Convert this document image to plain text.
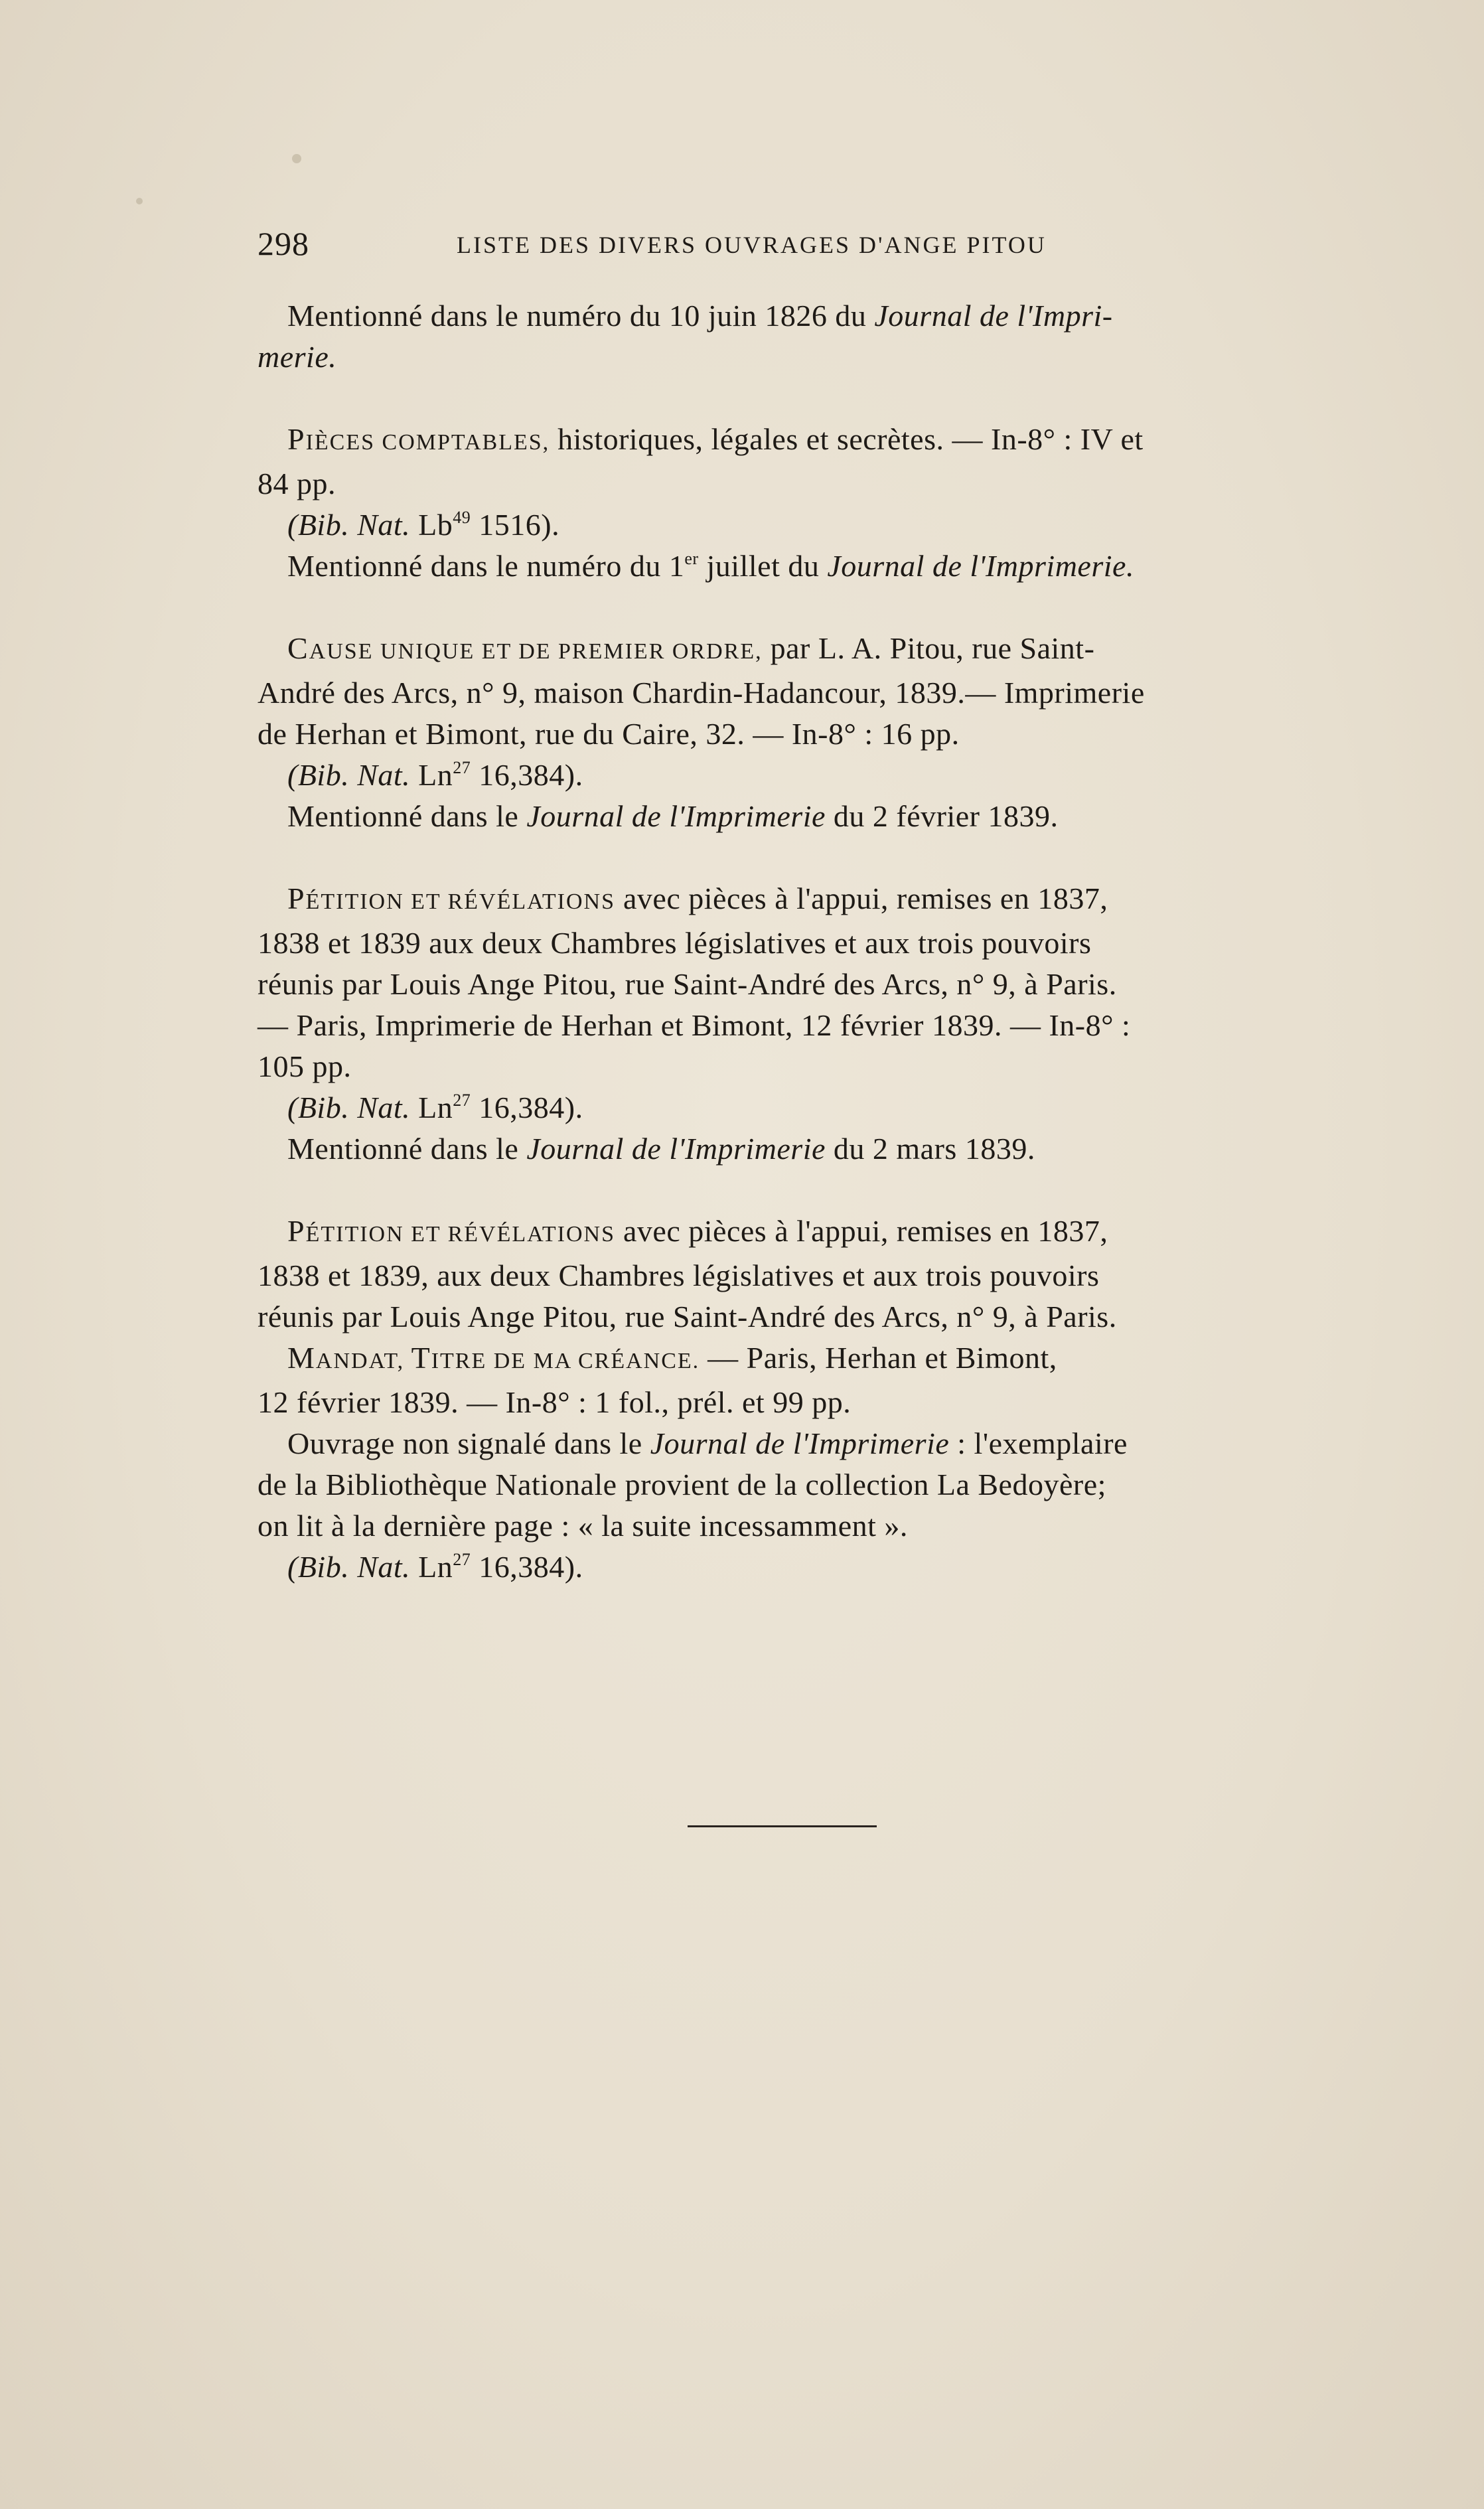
298	LISTE DES DIVERS OUVRAGES D'ANGE PITOU
Mentionné dans le numéro du 10 juin 1826 du Journal de l'Impri-
merie.
PIÈCES COMPTABLES, historiques, légales et secrètes. — In-8° : IV et
84 pp.
(Bib. Nat. Lb$^{49}$ 1516).
Mentionné dans le numéro du 1er juillet du Journal de l'Imprimerie.
CAUSE UNIQUE ET DE PREMIER ORDRE, par L. A. Pitou, rue Saint-
André des Arcs, n° 9, maison Chardin-Hadancour, 1839.— Imprimerie
de Herhan et Bimont, rue du Caire, 32. — In-8° : 16 pp.
(Bib. Nat. Ln$^{27}$ 16,384).
Mentionné dans le Journal de l'Imprimerie du 2 février 1839.
PÉTITION ET RÉVÉLATIONS avec pièces à l'appui, remises en 1837,
1838 et 1839 aux deux Chambres législatives et aux trois pouvoirs
réunis par Louis Ange Pitou, rue Saint-André des Arcs, n° 9, à Paris.
— Paris, Imprimerie de Herhan et Bimont, 12 février 1839. — In-8° :
105 pp.
(Bib. Nat. Ln$^{27}$ 16,384).
Mentionné dans le Journal de l'Imprimerie du 2 mars 1839.
PÉTITION ET RÉVÉLATIONS avec pièces à l'appui, remises en 1837,
1838 et 1839, aux deux Chambres législatives et aux trois pouvoirs
réunis par Louis Ange Pitou, rue Saint-André des Arcs, n° 9, à Paris.
MANDAT, TITRE DE MA CRÉANCE. — Paris, Herhan et Bimont,
12 février 1839. — In-8° : 1 fol., prél. et 99 pp.
Ouvrage non signalé dans le Journal de l'Imprimerie : l'exemplaire
de la Bibliothèque Nationale provient de la collection La Bedoyère;
on lit à la dernière page : « la suite incessamment ».
(Bib. Nat. Ln$^{27}$ 16,384).
